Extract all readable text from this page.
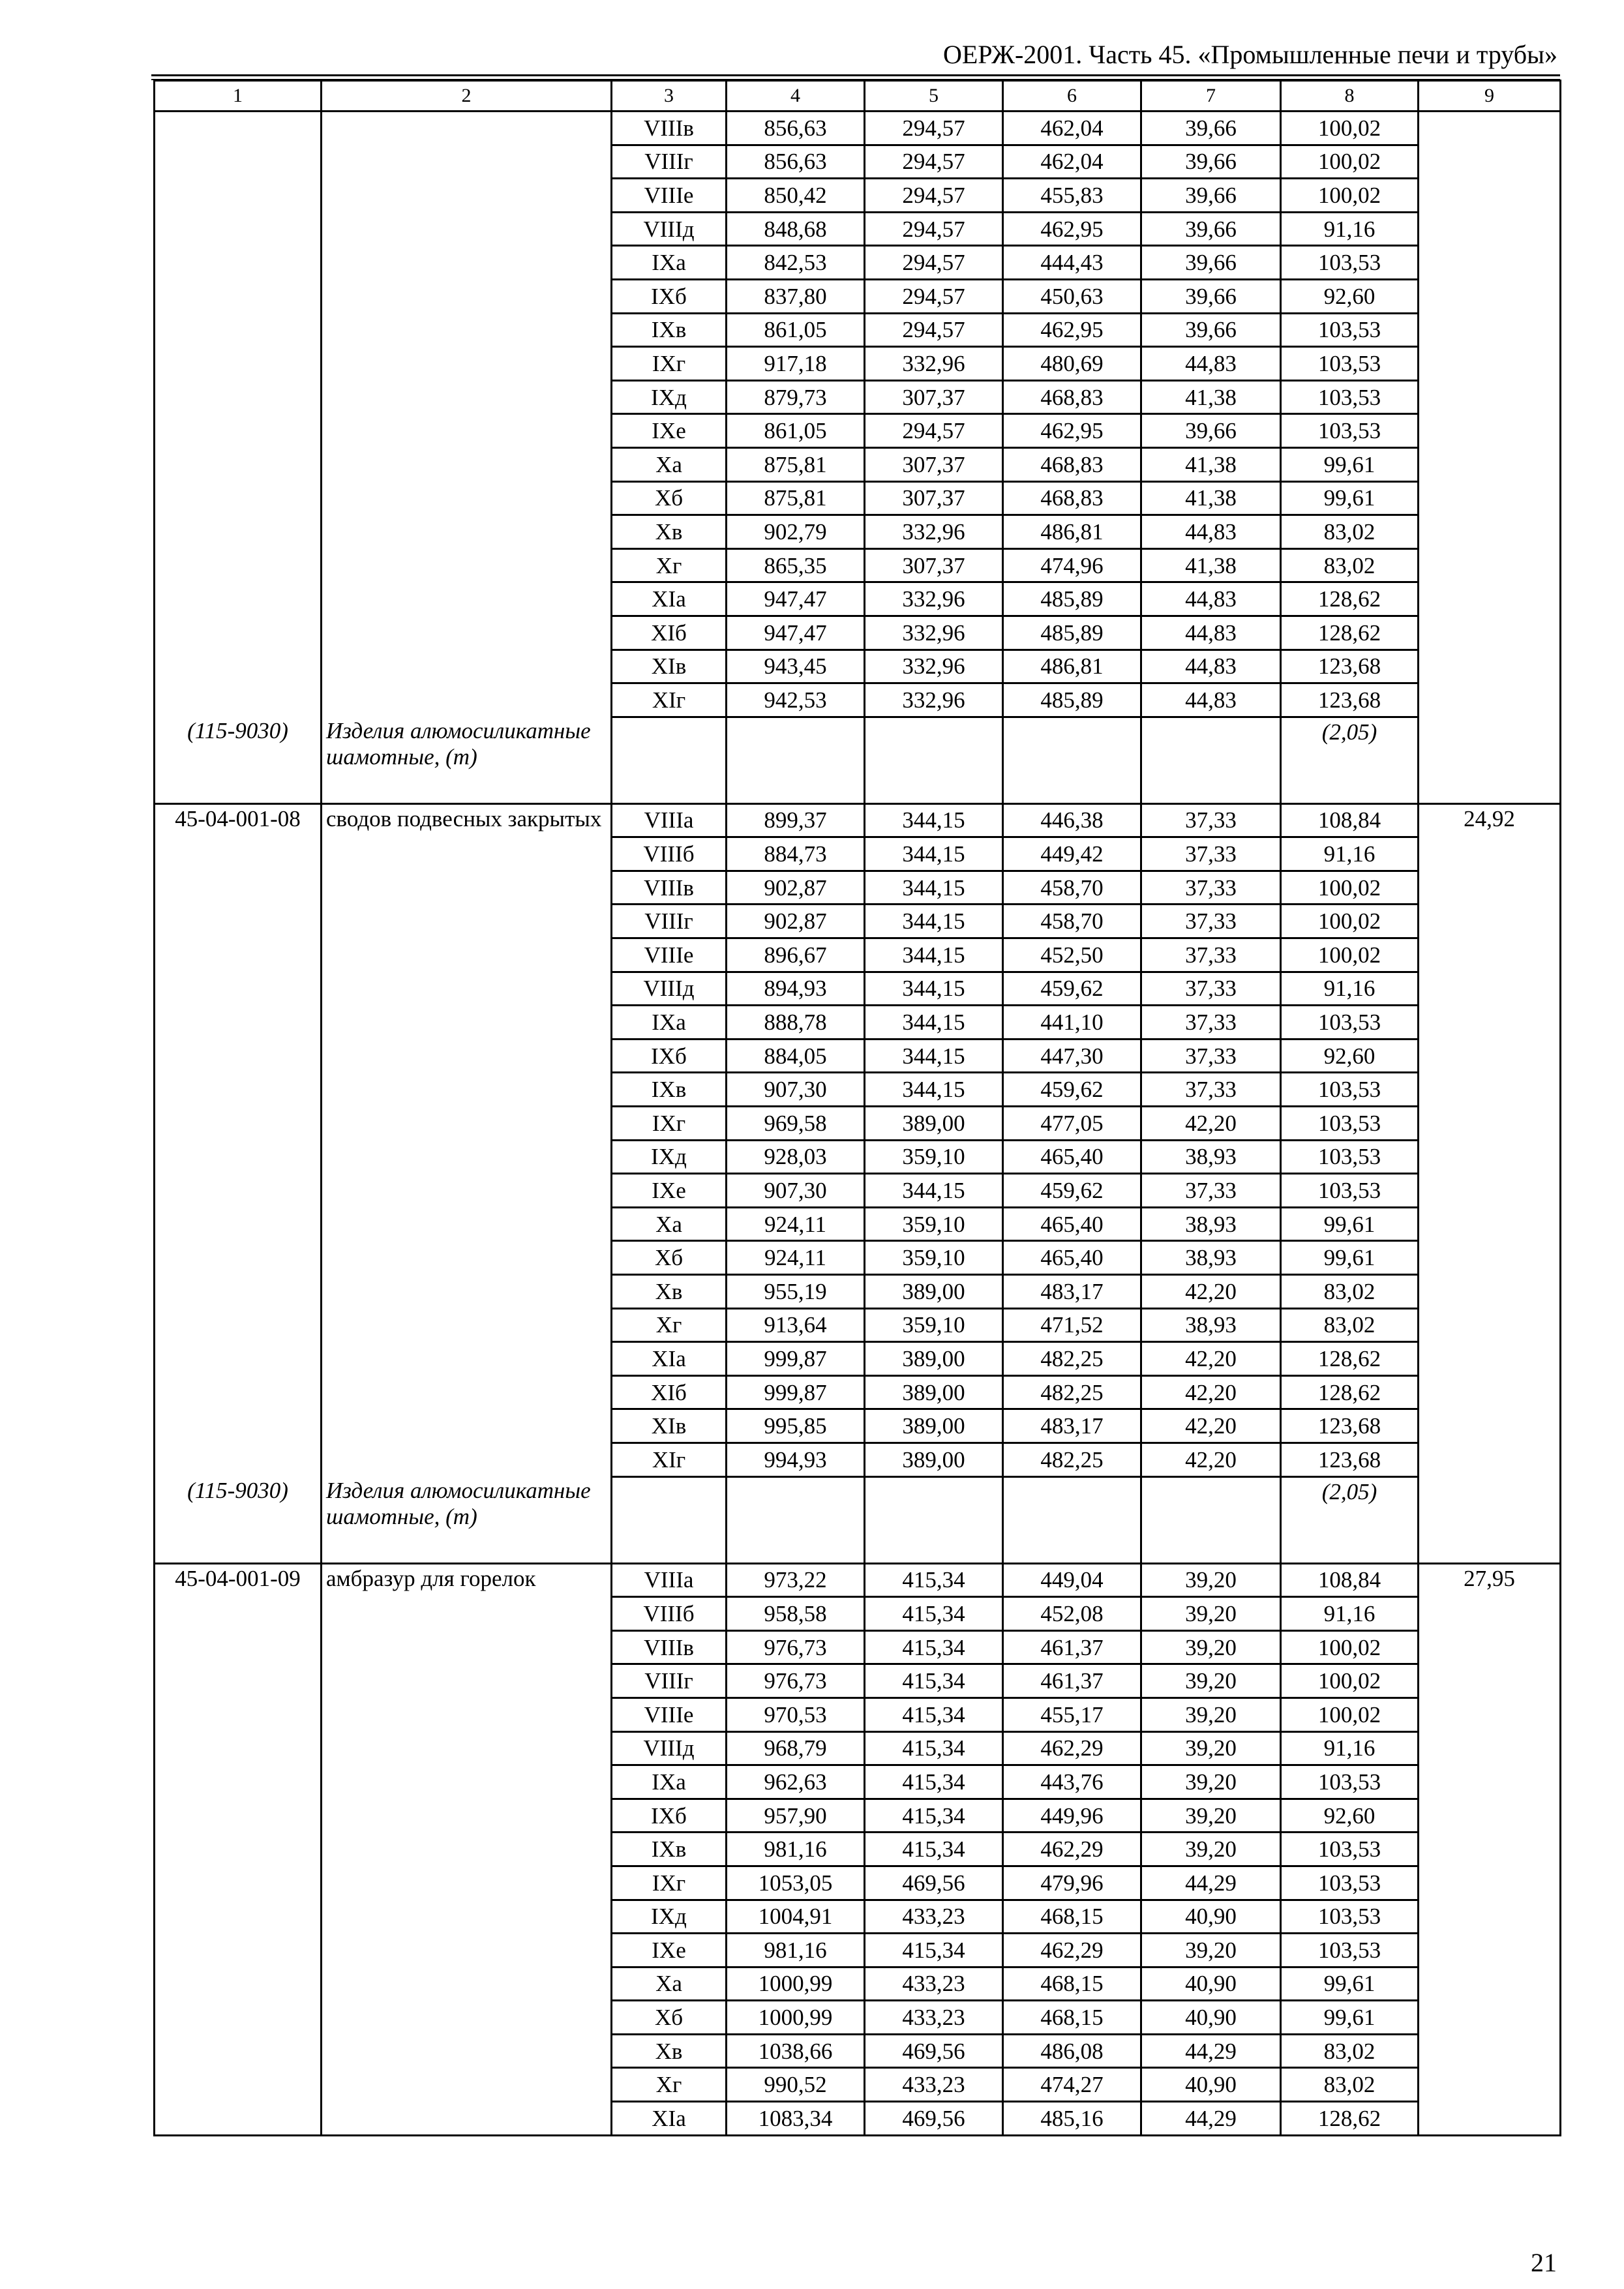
ОЕРЖ-2001. Часть 45. «Промышленные печи и трубы»
1	2	3	4	5	6	7	8	9
		VIIIв	856,63	294,57	462,04	39,66	100,02	
		VIIIг	856,63	294,57	462,04	39,66	100,02	
		VIIIe	850,42	294,57	455,83	39,66	100,02	
		VIIIд	848,68	294,57	462,95	39,66	91,16	
		IXa	842,53	294,57	444,43	39,66	103,53	
		IXб	837,80	294,57	450,63	39,66	92,60	
		IXв	861,05	294,57	462,95	39,66	103,53	
		IXг	917,18	332,96	480,69	44,83	103,53	
		IXд	879,73	307,37	468,83	41,38	103,53	
		IXe	861,05	294,57	462,95	39,66	103,53	
		Xa	875,81	307,37	468,83	41,38	99,61	
		Xб	875,81	307,37	468,83	41,38	99,61	
		Xв	902,79	332,96	486,81	44,83	83,02	
		Xг	865,35	307,37	474,96	41,38	83,02	
		XIa	947,47	332,96	485,89	44,83	128,62	
		XIб	947,47	332,96	485,89	44,83	128,62	
		XIв	943,45	332,96	486,81	44,83	123,68	
		XIг	942,53	332,96	485,89	44,83	123,68	

(115-9030)	Изделия алюмосиликатные шамотные, (т)						(2,05)	

45-04-001-08	сводов подвесных закрытых	VIIIa	899,37	344,15	446,38	37,33	108,84	24,92
		VIIIб	884,73	344,15	449,42	37,33	91,16	
		VIIIв	902,87	344,15	458,70	37,33	100,02	
		VIIIг	902,87	344,15	458,70	37,33	100,02	
		VIIIe	896,67	344,15	452,50	37,33	100,02	
		VIIIд	894,93	344,15	459,62	37,33	91,16	
		IXa	888,78	344,15	441,10	37,33	103,53	
		IXб	884,05	344,15	447,30	37,33	92,60	
		IXв	907,30	344,15	459,62	37,33	103,53	
		IXг	969,58	389,00	477,05	42,20	103,53	
		IXд	928,03	359,10	465,40	38,93	103,53	
		IXe	907,30	344,15	459,62	37,33	103,53	
		Xa	924,11	359,10	465,40	38,93	99,61	
		Xб	924,11	359,10	465,40	38,93	99,61	
		Xв	955,19	389,00	483,17	42,20	83,02	
		Xг	913,64	359,10	471,52	38,93	83,02	
		XIa	999,87	389,00	482,25	42,20	128,62	
		XIб	999,87	389,00	482,25	42,20	128,62	
		XIв	995,85	389,00	483,17	42,20	123,68	
		XIг	994,93	389,00	482,25	42,20	123,68	

(115-9030)	Изделия алюмосиликатные шамотные, (т)						(2,05)	

45-04-001-09	амбразур для горелок	VIIIa	973,22	415,34	449,04	39,20	108,84	27,95
		VIIIб	958,58	415,34	452,08	39,20	91,16	
		VIIIв	976,73	415,34	461,37	39,20	100,02	
		VIIIг	976,73	415,34	461,37	39,20	100,02	
		VIIIe	970,53	415,34	455,17	39,20	100,02	
		VIIIд	968,79	415,34	462,29	39,20	91,16	
		IXa	962,63	415,34	443,76	39,20	103,53	
		IXб	957,90	415,34	449,96	39,20	92,60	
		IXв	981,16	415,34	462,29	39,20	103,53	
		IXг	1053,05	469,56	479,96	44,29	103,53	
		IXд	1004,91	433,23	468,15	40,90	103,53	
		IXe	981,16	415,34	462,29	39,20	103,53	
		Xa	1000,99	433,23	468,15	40,90	99,61	
		Xб	1000,99	433,23	468,15	40,90	99,61	
		Xв	1038,66	469,56	486,08	44,29	83,02	
		Xг	990,52	433,23	474,27	40,90	83,02	
		XIa	1083,34	469,56	485,16	44,29	128,62	
21
